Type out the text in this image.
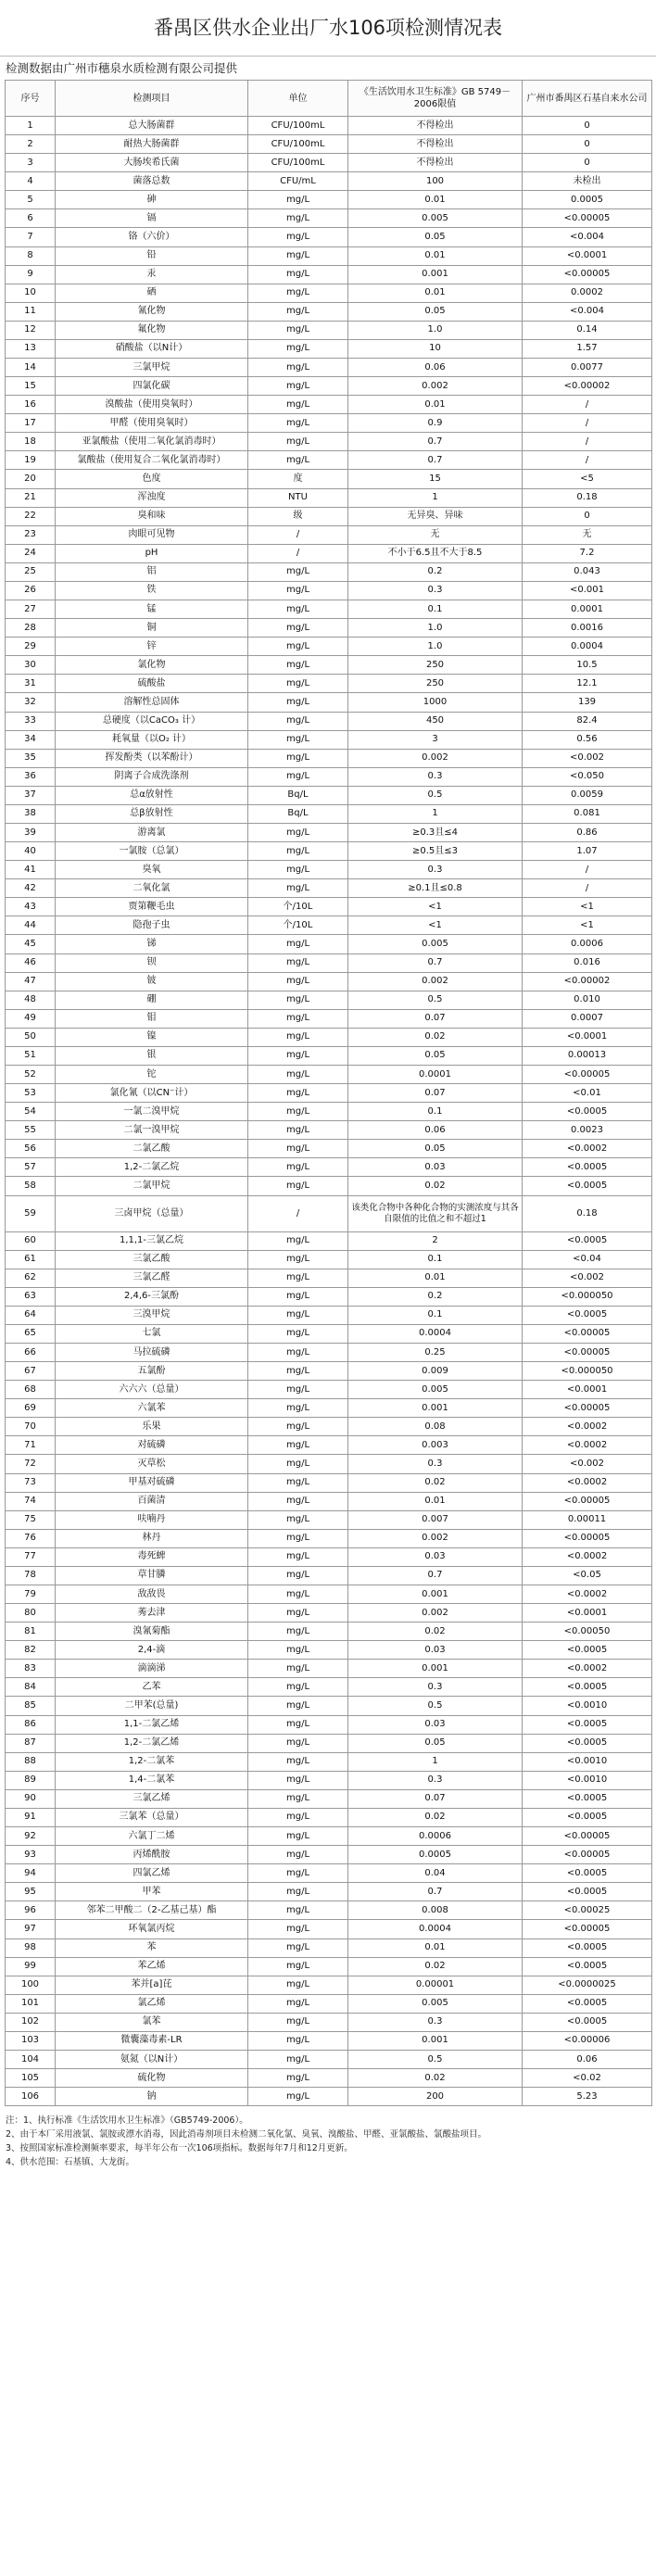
番禺区供水企业出厂水106项检测情况表
检测数据由广州市穗泉水质检测有限公司提供
序号	检测项目	单位	《生活饮用水卫生标准》GB 5749－2006限值	广州市番禺区石基自来水公司
1	总大肠菌群	CFU/100mL	不得检出	0
2	耐热大肠菌群	CFU/100mL	不得检出	0
3	大肠埃希氏菌	CFU/100mL	不得检出	0
4	菌落总数	CFU/mL	100	未检出
5	砷	mg/L	0.01	0.0005
6	镉	mg/L	0.005	<0.00005
7	铬（六价）	mg/L	0.05	<0.004
8	铅	mg/L	0.01	<0.0001
9	汞	mg/L	0.001	<0.00005
10	硒	mg/L	0.01	0.0002
11	氰化物	mg/L	0.05	<0.004
12	氟化物	mg/L	1.0	0.14
13	硝酸盐（以N计）	mg/L	10	1.57
14	三氯甲烷	mg/L	0.06	0.0077
15	四氯化碳	mg/L	0.002	<0.00002
16	溴酸盐（使用臭氧时）	mg/L	0.01	/
17	甲醛（使用臭氧时）	mg/L	0.9	/
18	亚氯酸盐（使用二氧化氯消毒时）	mg/L	0.7	/
19	氯酸盐（使用复合二氧化氯消毒时）	mg/L	0.7	/
20	色度	度	15	<5
21	浑浊度	NTU	1	0.18
22	臭和味	级	无异臭、异味	0
23	肉眼可见物	/	无	无
24	pH	/	不小于6.5且不大于8.5	7.2
25	铝	mg/L	0.2	0.043
26	铁	mg/L	0.3	<0.001
27	锰	mg/L	0.1	0.0001
28	铜	mg/L	1.0	0.0016
29	锌	mg/L	1.0	0.0004
30	氯化物	mg/L	250	10.5
31	硫酸盐	mg/L	250	12.1
32	溶解性总固体	mg/L	1000	139
33	总硬度（以CaCO₃ 计）	mg/L	450	82.4
34	耗氧量（以O₂ 计）	mg/L	3	0.56
35	挥发酚类（以苯酚计）	mg/L	0.002	<0.002
36	阴离子合成洗涤剂	mg/L	0.3	<0.050
37	总α放射性	Bq/L	0.5	0.0059
38	总β放射性	Bq/L	1	0.081
39	游离氯	mg/L	≥0.3且≤4	0.86
40	一氯胺（总氯）	mg/L	≥0.5且≤3	1.07
41	臭氧	mg/L	0.3	/
42	二氧化氯	mg/L	≥0.1且≤0.8	/
43	贾第鞭毛虫	个/10L	<1	<1
44	隐孢子虫	个/10L	<1	<1
45	锑	mg/L	0.005	0.0006
46	钡	mg/L	0.7	0.016
47	铍	mg/L	0.002	<0.00002
48	硼	mg/L	0.5	0.010
49	钼	mg/L	0.07	0.0007
50	镍	mg/L	0.02	<0.0001
51	银	mg/L	0.05	0.00013
52	铊	mg/L	0.0001	<0.00005
53	氯化氰（以CN⁻计）	mg/L	0.07	<0.01
54	一氯二溴甲烷	mg/L	0.1	<0.0005
55	二氯一溴甲烷	mg/L	0.06	0.0023
56	二氯乙酸	mg/L	0.05	<0.0002
57	1,2-二氯乙烷	mg/L	0.03	<0.0005
58	二氯甲烷	mg/L	0.02	<0.0005
59	三卤甲烷（总量）	/	该类化合物中各种化合物的实测浓度与其各自限值的比值之和不超过1	0.18
60	1,1,1-三氯乙烷	mg/L	2	<0.0005
61	三氯乙酸	mg/L	0.1	<0.04
62	三氯乙醛	mg/L	0.01	<0.002
63	2,4,6-三氯酚	mg/L	0.2	<0.000050
64	三溴甲烷	mg/L	0.1	<0.0005
65	七氯	mg/L	0.0004	<0.00005
66	马拉硫磷	mg/L	0.25	<0.00005
67	五氯酚	mg/L	0.009	<0.000050
68	六六六（总量）	mg/L	0.005	<0.0001
69	六氯苯	mg/L	0.001	<0.00005
70	乐果	mg/L	0.08	<0.0002
71	对硫磷	mg/L	0.003	<0.0002
72	灭草松	mg/L	0.3	<0.002
73	甲基对硫磷	mg/L	0.02	<0.0002
74	百菌清	mg/L	0.01	<0.00005
75	呋喃丹	mg/L	0.007	0.00011
76	林丹	mg/L	0.002	<0.00005
77	毒死蜱	mg/L	0.03	<0.0002
78	草甘膦	mg/L	0.7	<0.05
79	敌敌畏	mg/L	0.001	<0.0002
80	莠去津	mg/L	0.002	<0.0001
81	溴氰菊酯	mg/L	0.02	<0.00050
82	2,4-滴	mg/L	0.03	<0.0005
83	滴滴涕	mg/L	0.001	<0.0002
84	乙苯	mg/L	0.3	<0.0005
85	二甲苯(总量)	mg/L	0.5	<0.0010
86	1,1-二氯乙烯	mg/L	0.03	<0.0005
87	1,2-二氯乙烯	mg/L	0.05	<0.0005
88	1,2-二氯苯	mg/L	1	<0.0010
89	1,4-二氯苯	mg/L	0.3	<0.0010
90	三氯乙烯	mg/L	0.07	<0.0005
91	三氯苯（总量）	mg/L	0.02	<0.0005
92	六氯丁二烯	mg/L	0.0006	<0.00005
93	丙烯酰胺	mg/L	0.0005	<0.00005
94	四氯乙烯	mg/L	0.04	<0.0005
95	甲苯	mg/L	0.7	<0.0005
96	邻苯二甲酸二（2-乙基己基）酯	mg/L	0.008	<0.00025
97	环氧氯丙烷	mg/L	0.0004	<0.00005
98	苯	mg/L	0.01	<0.0005
99	苯乙烯	mg/L	0.02	<0.0005
100	苯并[a]芘	mg/L	0.00001	<0.0000025
101	氯乙烯	mg/L	0.005	<0.0005
102	氯苯	mg/L	0.3	<0.0005
103	微囊藻毒素-LR	mg/L	0.001	<0.00006
104	氨氮（以N计）	mg/L	0.5	0.06
105	硫化物	mg/L	0.02	<0.02
106	钠	mg/L	200	5.23
注：1、执行标准《生活饮用水卫生标准》（GB5749-2006）。
2、由于本厂采用液氯、氯胺或漂水消毒，因此消毒剂项目未检测二氧化氯、臭氧、溴酸盐、甲醛、亚氯酸盐、氯酸盐项目。
3、按照国家标准检测频率要求，每半年公布一次106项指标。数据每年7月和12月更新。
4、供水范围：石基镇、大龙街。
